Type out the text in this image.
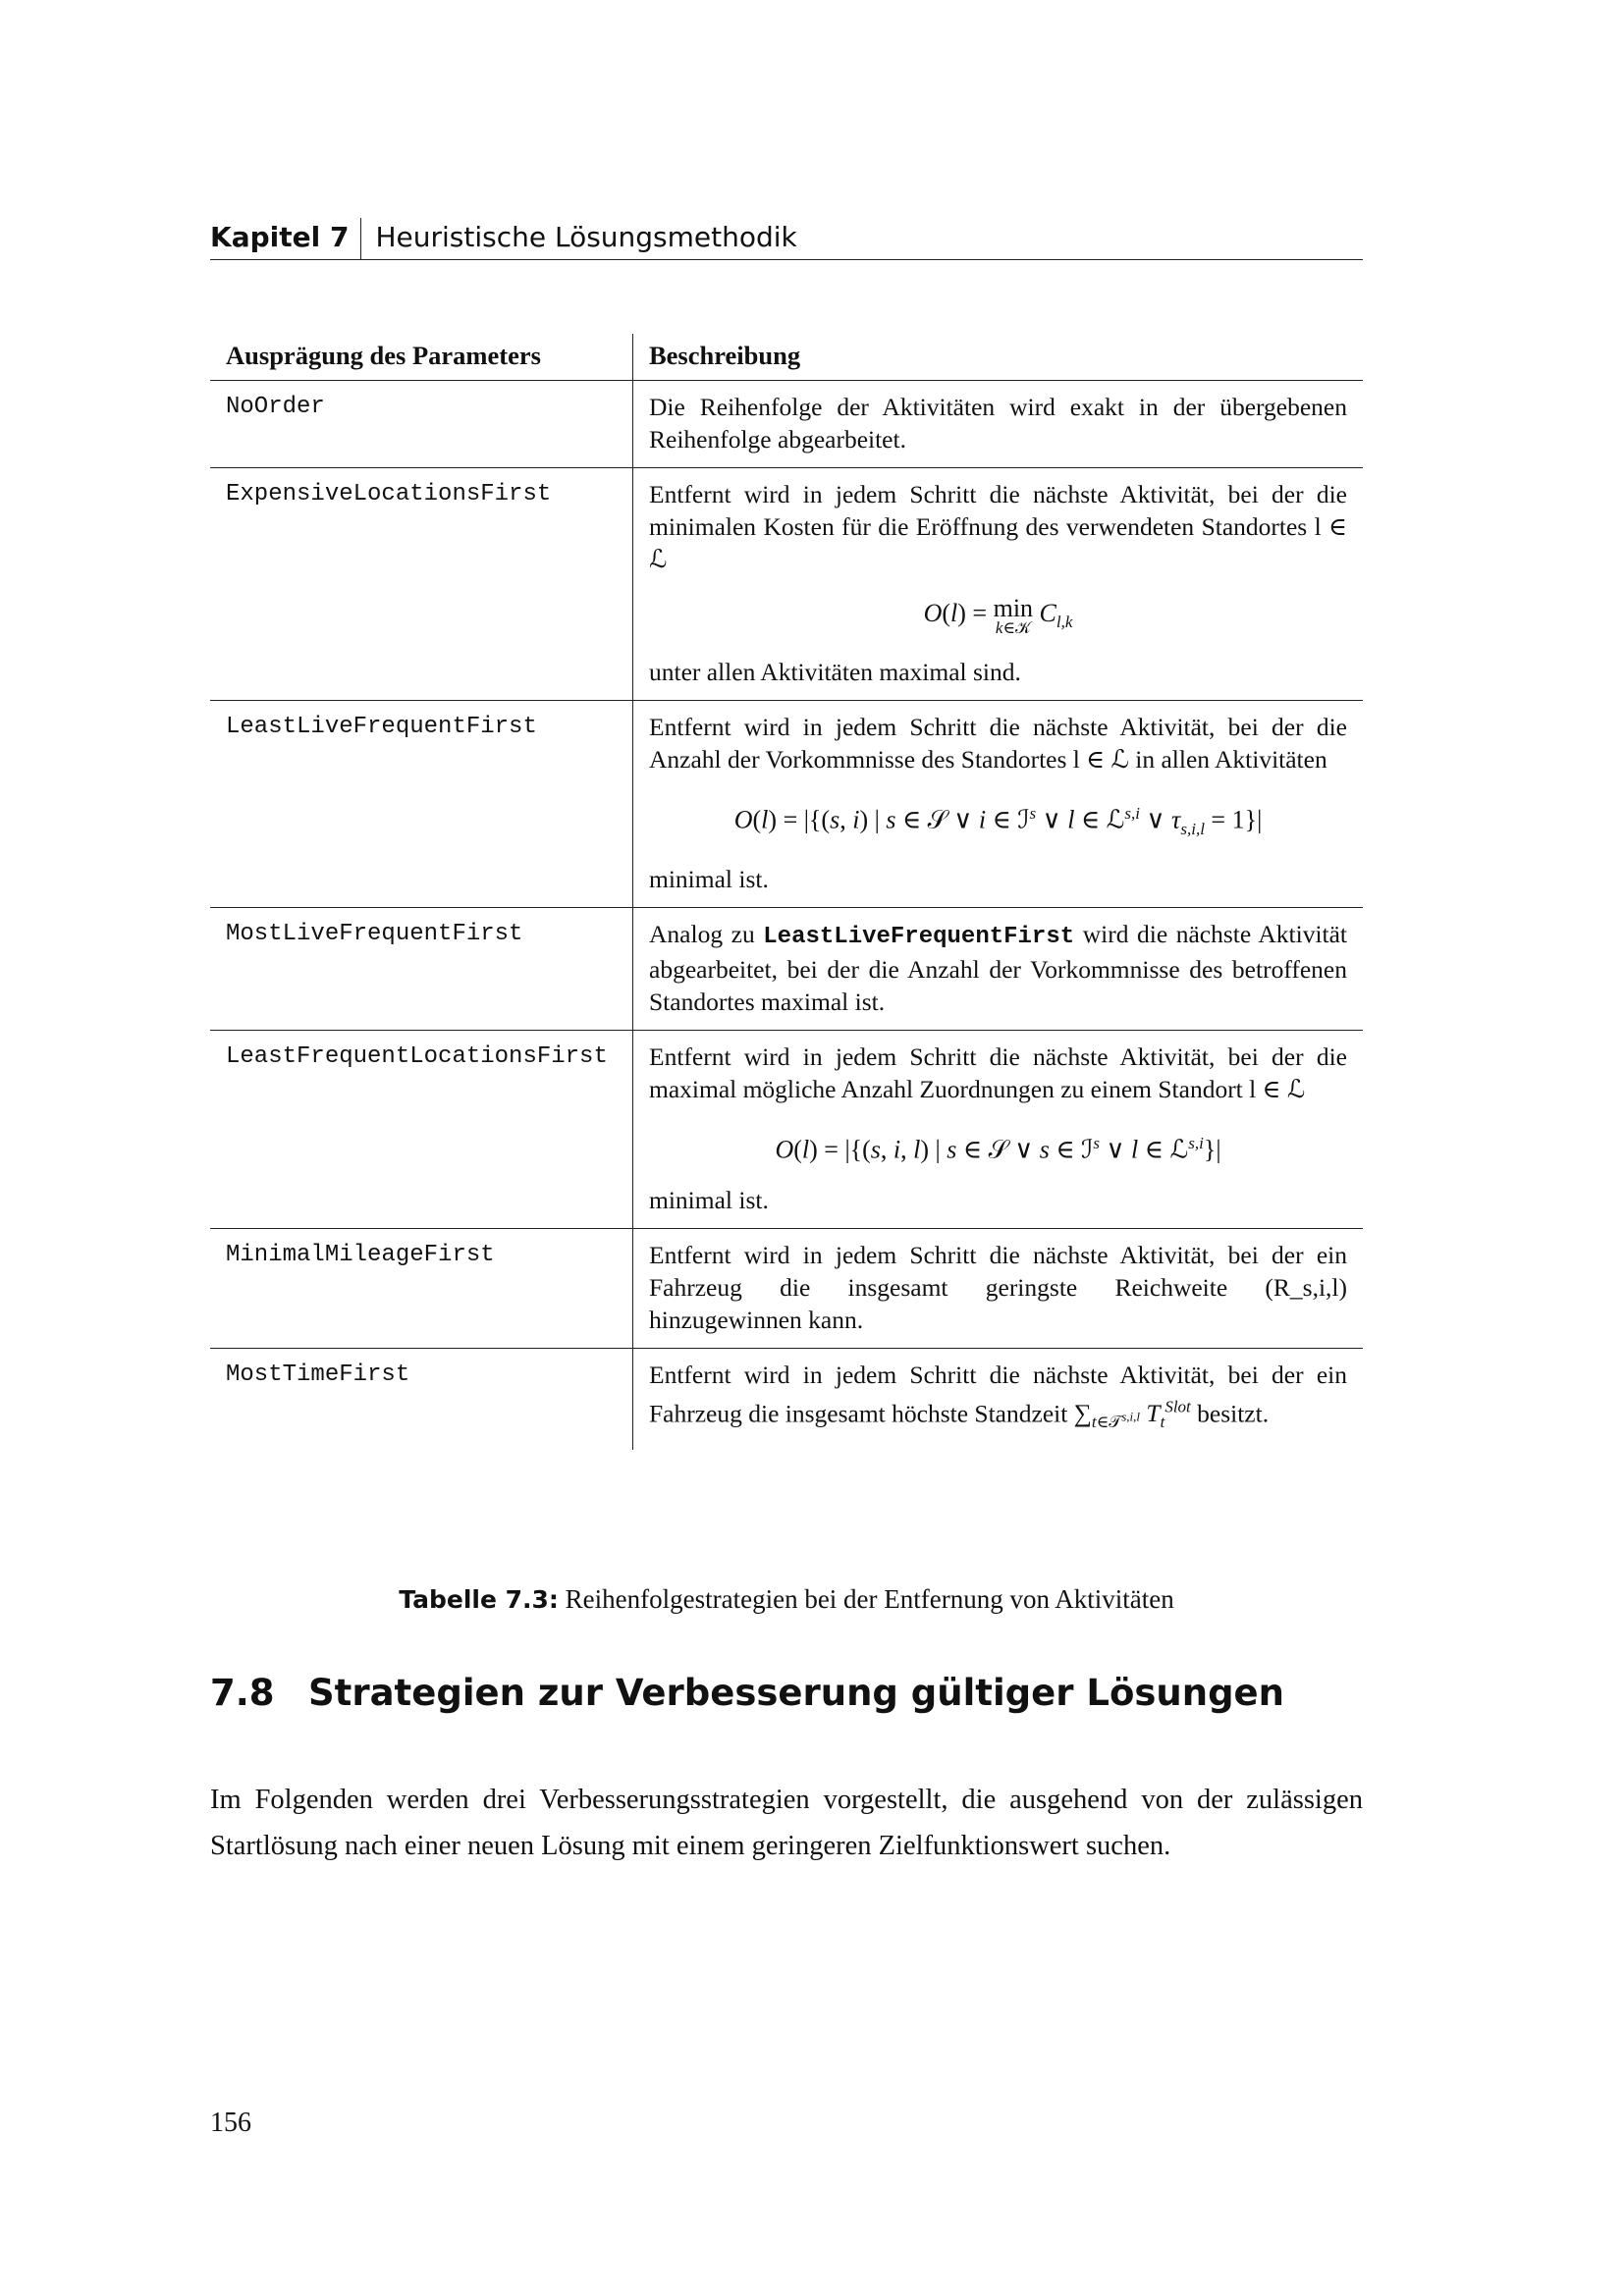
Kapitel 7 Heuristische Lösungsmethodik
Ausprägung des Parameters	Beschreibung
NoOrder	Die Reihenfolge der Aktivitäten wird exakt in der übergebenen Reihenfolge abgearbeitet.
ExpensiveLocationsFirst	Entfernt wird in jedem Schritt die nächste Aktivität, bei der die minimalen Kosten für die Eröffnung des verwendeten Standortes l ∈ ℒ
O(l) = min
k∈𝒦
$C_{l,k}$
unter allen Aktivitäten maximal sind.

LeastLiveFrequentFirst	Entfernt wird in jedem Schritt die nächste Aktivität, bei der die Anzahl der Vorkommnisse des Standortes l ∈ ℒ in allen Aktivitäten
O(l) = |{(s, i) | s ∈ 𝒮 ∨ i ∈ ℐ$^s$ ∨ l ∈ ℒ$^{s,i}$ ∨ $\tau_{s,i,l} = 1\}|$
minimal ist.

MostLiveFrequentFirst	Analog zu LeastLiveFrequentFirst wird die nächste Aktivität abgearbeitet, bei der die Anzahl der Vorkommnisse des betroffenen Standortes maximal ist.
LeastFrequentLocationsFirst	Entfernt wird in jedem Schritt die nächste Aktivität, bei der die maximal mögliche Anzahl Zuordnungen zu einem Standort l ∈ ℒ
O(l) = |{(s, i, l) | s ∈ 𝒮 ∨ s ∈ ℐ$^s$ ∨ l ∈ ℒ$^{s,i}$}|
minimal ist.

MinimalMileageFirst	Entfernt wird in jedem Schritt die nächste Aktivität, bei der ein Fahrzeug die insgesamt geringste Reichweite (R_s,i,l) hinzugewinnen kann.
MostTimeFirst	Entfernt wird in jedem Schritt die nächste Aktivität, bei der ein Fahrzeug die insgesamt höchste Standzeit $\sum_{t\in 𝒯^{s,i,l}}$ $T_t^{Slot}$ besitzt.
Tabelle 7.3: Reihenfolgestrategien bei der Entfernung von Aktivitäten
7.8 Strategien zur Verbesserung gültiger Lösungen
Im Folgenden werden drei Verbesserungsstrategien vorgestellt, die ausgehend von der zulässigen Startlösung nach einer neuen Lösung mit einem geringeren Zielfunktionswert suchen.
156
